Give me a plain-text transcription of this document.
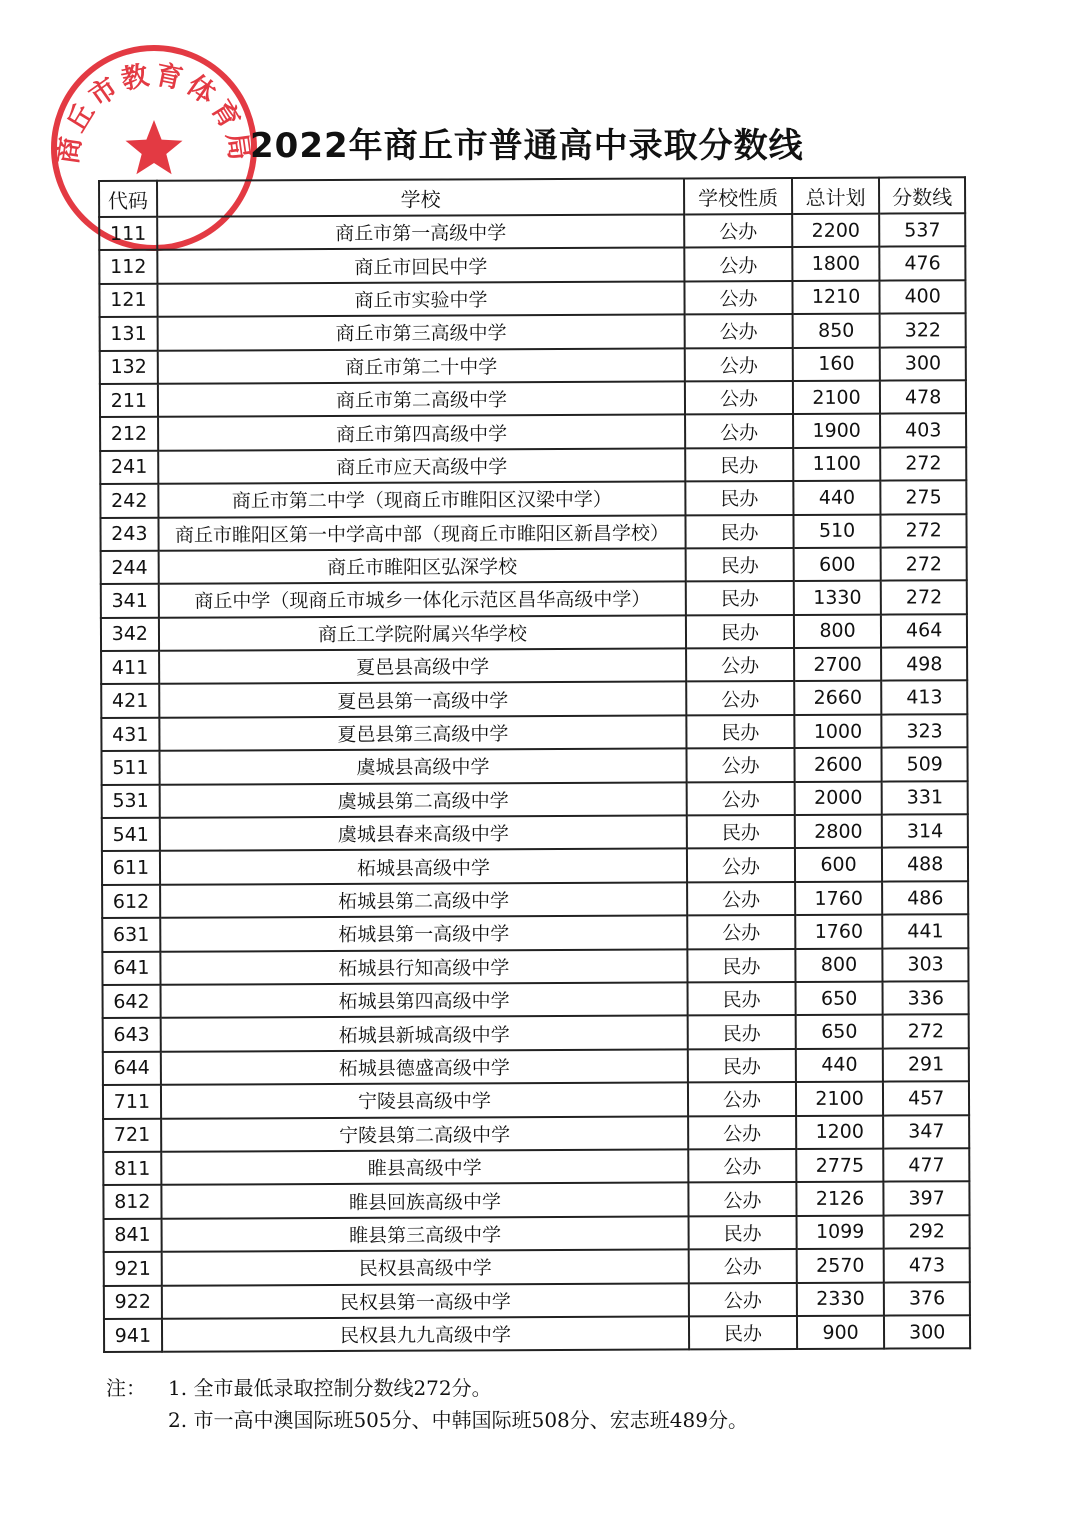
商丘市教育体育局
2022年商丘市普通高中录取分数线
代码	学校	学校性质	总计划	分数线
111	商丘市第一高级中学	公办	2200	537
112	商丘市回民中学	公办	1800	476
121	商丘市实验中学	公办	1210	400
131	商丘市第三高级中学	公办	850	322
132	商丘市第二十中学	公办	160	300
211	商丘市第二高级中学	公办	2100	478
212	商丘市第四高级中学	公办	1900	403
241	商丘市应天高级中学	民办	1100	272
242	商丘市第二中学（现商丘市睢阳区汉梁中学）	民办	440	275
243	商丘市睢阳区第一中学高中部（现商丘市睢阳区新昌学校）	民办	510	272
244	商丘市睢阳区弘深学校	民办	600	272
341	商丘中学（现商丘市城乡一体化示范区昌华高级中学）	民办	1330	272
342	商丘工学院附属兴华学校	民办	800	464
411	夏邑县高级中学	公办	2700	498
421	夏邑县第一高级中学	公办	2660	413
431	夏邑县第三高级中学	民办	1000	323
511	虞城县高级中学	公办	2600	509
531	虞城县第二高级中学	公办	2000	331
541	虞城县春来高级中学	民办	2800	314
611	柘城县高级中学	公办	600	488
612	柘城县第二高级中学	公办	1760	486
631	柘城县第一高级中学	公办	1760	441
641	柘城县行知高级中学	民办	800	303
642	柘城县第四高级中学	民办	650	336
643	柘城县新城高级中学	民办	650	272
644	柘城县德盛高级中学	民办	440	291
711	宁陵县高级中学	公办	2100	457
721	宁陵县第二高级中学	公办	1200	347
811	睢县高级中学	公办	2775	477
812	睢县回族高级中学	公办	2126	397
841	睢县第三高级中学	民办	1099	292
921	民权县高级中学	公办	2570	473
922	民权县第一高级中学	公办	2330	376
941	民权县九九高级中学	民办	900	300
注： 1. 全市最低录取控制分数线272分。
2. 市一高中澳国际班505分、中韩国际班508分、宏志班489分。
